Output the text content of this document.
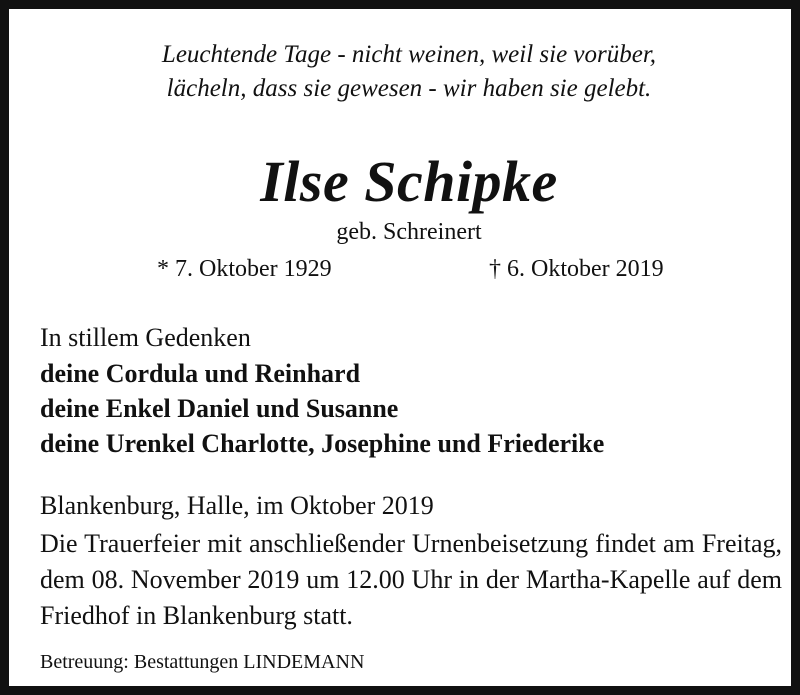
Leuchtende Tage - nicht weinen, weil sie vorüber,
lächeln, dass sie gewesen - wir haben sie gelebt.
Ilse Schipke
geb. Schreinert
* 7. Oktober 1929	† 6. Oktober 2019
In stillem Gedenken
deine Cordula und Reinhard
deine Enkel Daniel und Susanne
deine Urenkel Charlotte, Josephine und Friederike
Blankenburg, Halle, im Oktober 2019
Die Trauerfeier mit anschließender Urnenbeisetzung findet am Freitag, dem 08. November 2019 um 12.00 Uhr in der Martha-Kapelle auf dem Friedhof in Blankenburg statt.
Betreuung: Bestattungen LINDEMANN
